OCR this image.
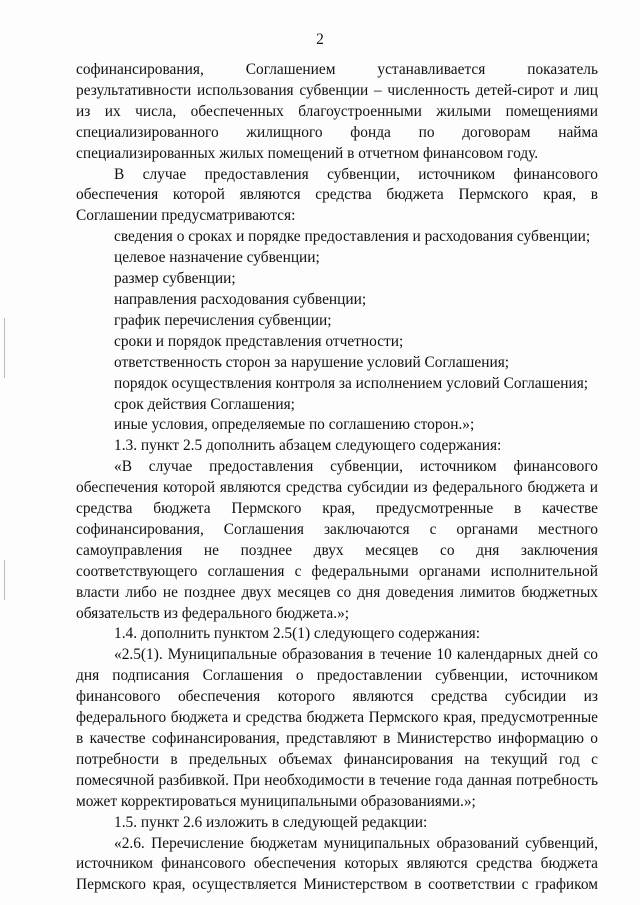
2

софинансирования, Соглашением устанавливается показатель результативности использования субвенции – численность детей-сирот и лиц из их числа, обеспеченных благоустроенными жилыми помещениями специализированного жилищного фонда по договорам найма специализированных жилых помещений в отчетном финансовом году.

В случае предоставления субвенции, источником финансового обеспечения которой являются средства бюджета Пермского края, в Соглашении предусматриваются:

сведения о сроках и порядке предоставления и расходования субвенции;

целевое назначение субвенции;

размер субвенции;

направления расходования субвенции;

график перечисления субвенции;

сроки и порядок представления отчетности;

ответственность сторон за нарушение условий Соглашения;

порядок осуществления контроля за исполнением условий Соглашения;

срок действия Соглашения;

иные условия, определяемые по соглашению сторон.»;

1.3. пункт 2.5 дополнить абзацем следующего содержания:

«В случае предоставления субвенции, источником финансового обеспечения которой являются средства субсидии из федерального бюджета и средства бюджета Пермского края, предусмотренные в качестве софинансирования, Соглашения заключаются с органами местного самоуправления не позднее двух месяцев со дня заключения соответствующего соглашения с федеральными органами исполнительной власти либо не позднее двух месяцев со дня доведения лимитов бюджетных обязательств из федерального бюджета.»;

1.4. дополнить пунктом 2.5(1) следующего содержания:

«2.5(1). Муниципальные образования в течение 10 календарных дней со дня подписания Соглашения о предоставлении субвенции, источником финансового обеспечения которого являются средства субсидии из федерального бюджета и средства бюджета Пермского края, предусмотренные в качестве софинансирования, представляют в Министерство информацию о потребности в предельных объемах финансирования на текущий год с помесячной разбивкой. При необходимости в течение года данная потребность может корректироваться муниципальными образованиями.»;

1.5. пункт 2.6 изложить в следующей редакции:

«2.6. Перечисление бюджетам муниципальных образований субвенций, источником финансового обеспечения которых являются средства бюджета Пермского края, осуществляется Министерством в соответствии с графиком
